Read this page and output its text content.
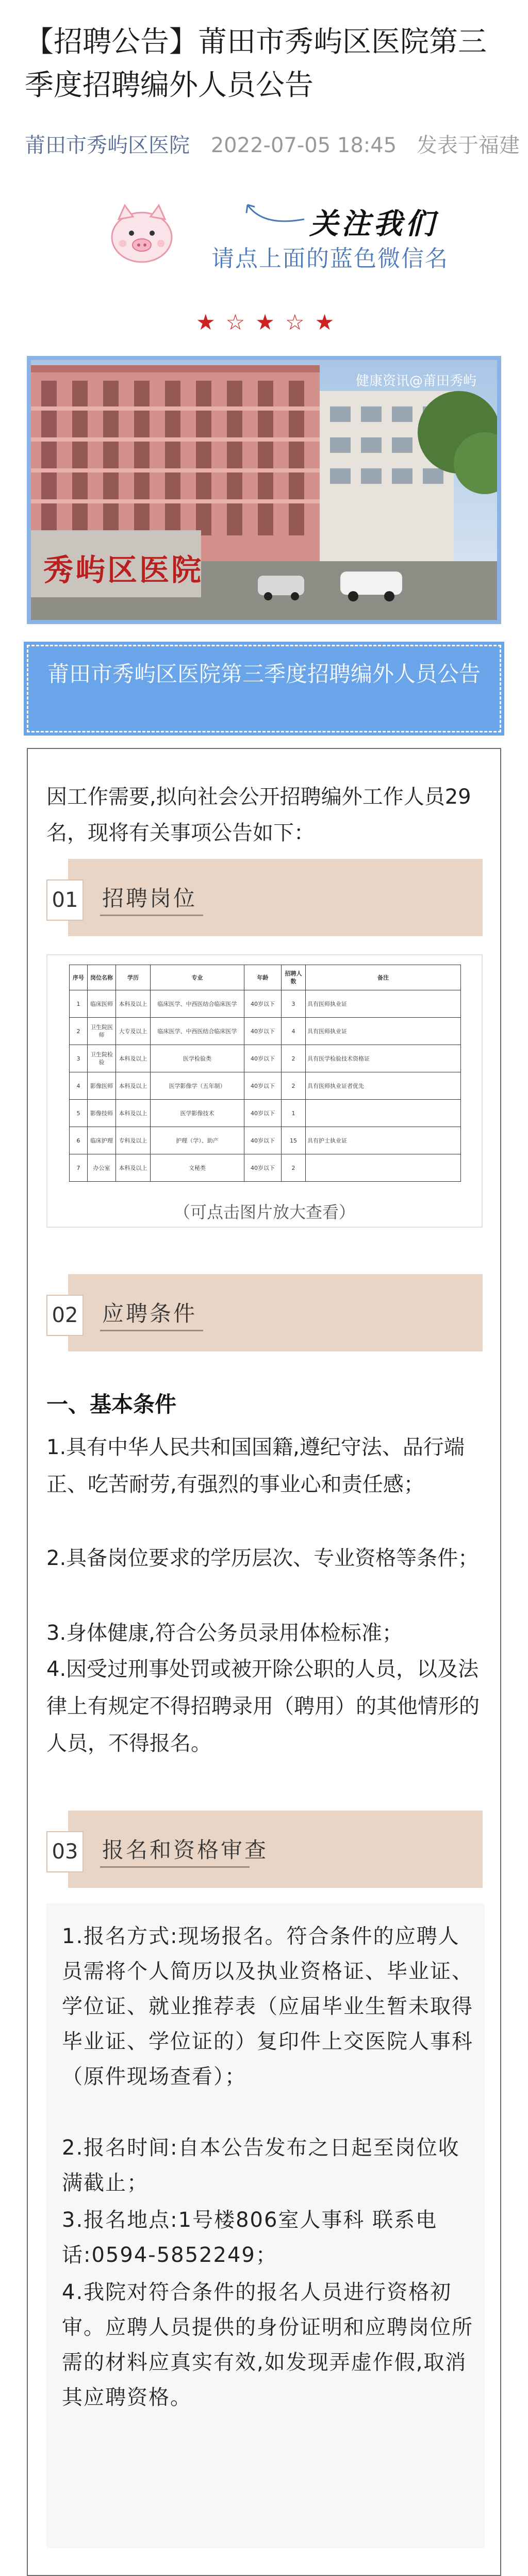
【招聘公告】莆田市秀屿区医院第三季度招聘编外人员公告
莆田市秀屿区医院 2022-07-05 18:45 发表于福建
关注我们
请点上面的蓝色微信名
★☆★☆★
秀屿区医院
健康资讯@莆田秀屿
莆田市秀屿区医院第三季度招聘编外人员公告
因工作需要,拟向社会公开招聘编外工作人员29名，现将有关事项公告如下：
01 招聘岗位
序号	岗位名称	学历	专业	年龄	招聘人数	备注
1	临床医师	本科及以上	临床医学、中西医结合临床医学	40岁以下	3	具有医师执业证
2	卫生院医师	大专及以上	临床医学、中西医结合临床医学	40岁以下	4	具有医师执业证
3	卫生院检验	本科及以上	医学检验类	40岁以下	2	具有医学检验技术资格证
4	影像医师	本科及以上	医学影像学（五年制）	40岁以下	2	具有医师执业证者优先
5	影像技师	本科及以上	医学影像技术	40岁以下	1	
6	临床护理	专科及以上	护理（学）、助产	40岁以下	15	具有护士执业证
7	办公室	本科及以上	文秘类	40岁以下	2	
（可点击图片放大查看）
02 应聘条件
一、基本条件
1.具有中华人民共和国国籍,遵纪守法、品行端正、吃苦耐劳,有强烈的事业心和责任感；
2.具备岗位要求的学历层次、专业资格等条件；
3.身体健康,符合公务员录用体检标准；
4.因受过刑事处罚或被开除公职的人员，以及法律上有规定不得招聘录用（聘用）的其他情形的人员，不得报名。
03 报名和资格审查
1.报名方式:现场报名。符合条件的应聘人员需将个人简历以及执业资格证、毕业证、学位证、就业推荐表（应届毕业生暂未取得毕业证、学位证的）复印件上交医院人事科（原件现场查看）；
2.报名时间:自本公告发布之日起至岗位收满截止；
3.报名地点:1号楼806室人事科 联系电话:0594-5852249；
4.我院对符合条件的报名人员进行资格初审。应聘人员提供的身份证明和应聘岗位所需的材料应真实有效,如发现弄虚作假,取消其应聘资格。
